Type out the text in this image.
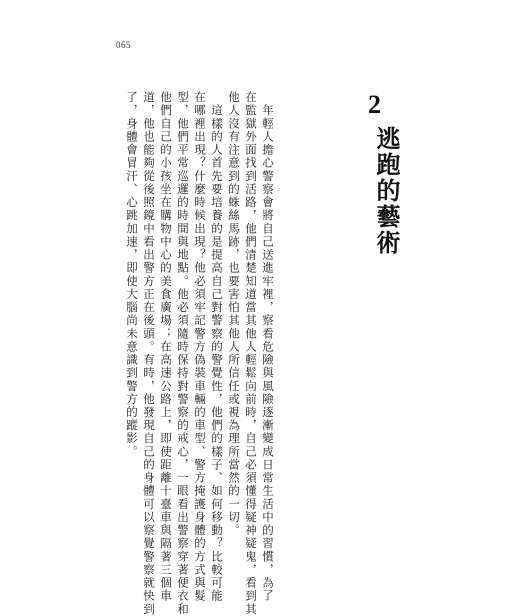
065
2
逃跑的藝術
　年輕人擔心警察會將自己送進牢裡，察看危險與風險逐漸變成日常生活中的習慣，為了
在監獄外面找到活路，他們清楚知道當其他人輕鬆向前時，自己必須懂得疑神疑鬼，看到其
他人沒有注意到的蛛絲馬跡，也要害怕其他人所信任或視為理所當然的一切。
　這樣的人首先要培養的是提高自己對警察的警覺性，他們的樣子、如何移動？比較可能
在哪裡出現？什麼時候出現？他必須牢記警方偽裝車輛的車型、警方掩護身體的方式與髮
型，他們平常巡邏的時間與地點。他必須隨時保持對警察的戒心，一眼看出警察穿著便衣和
他們自己的小孩坐在購物中心的美食廣場；在高速公路上，即使距離十臺車與隔著三個車
道，他也能夠從後照鏡中看出警方正在後頭。有時，他發現自己的身體可以察覺警察就快到
了，身體會冒汗、心跳加速，即使大腦尚未意識到警方的蹤影。
